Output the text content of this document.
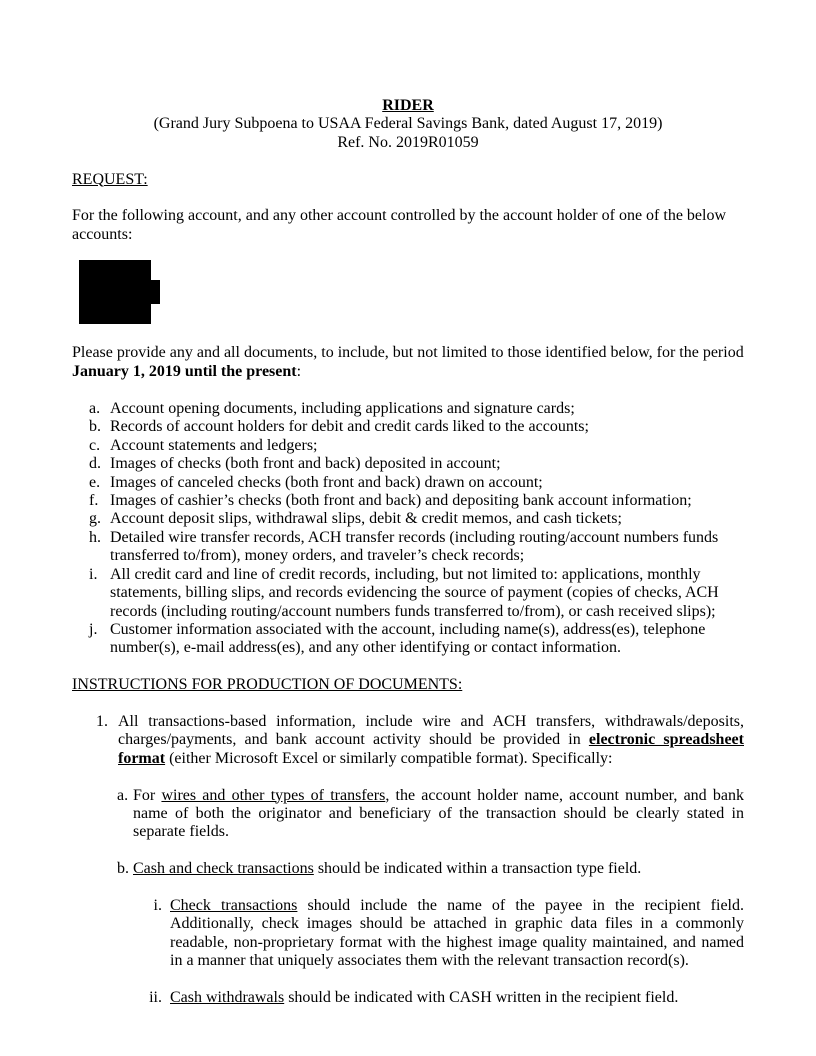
RIDER
(Grand Jury Subpoena to USAA Federal Savings Bank, dated August 17, 2019)
Ref. No. 2019R01059
REQUEST:

For the following account, and any other account controlled by the account holder of one of the below accounts:

Please provide any and all documents, to include, but not limited to those identified below, for the period January 1, 2019 until the present:

a. Account opening documents, including applications and signature cards;
b. Records of account holders for debit and credit cards liked to the accounts;
c. Account statements and ledgers;
d. Images of checks (both front and back) deposited in account;
e. Images of canceled checks (both front and back) drawn on account;
f. Images of cashier’s checks (both front and back) and depositing bank account information;
g. Account deposit slips, withdrawal slips, debit & credit memos, and cash tickets;
h. Detailed wire transfer records, ACH transfer records (including routing/account numbers funds transferred to/from), money orders, and traveler’s check records;
i. All credit card and line of credit records, including, but not limited to: applications, monthly statements, billing slips, and records evidencing the source of payment (copies of checks, ACH records (including routing/account numbers funds transferred to/from), or cash received slips);
j. Customer information associated with the account, including name(s), address(es), telephone number(s), e-mail address(es), and any other identifying or contact information.
INSTRUCTIONS FOR PRODUCTION OF DOCUMENTS:
1. All transactions-based information, include wire and ACH transfers, withdrawals/deposits, charges/payments, and bank account activity should be provided in electronic spreadsheet format (either Microsoft Excel or similarly compatible format). Specifically:
a. For wires and other types of transfers, the account holder name, account number, and bank name of both the originator and beneficiary of the transaction should be clearly stated in separate fields.
b. Cash and check transactions should be indicated within a transaction type field.
i. Check transactions should include the name of the payee in the recipient field. Additionally, check images should be attached in graphic data files in a commonly readable, non-proprietary format with the highest image quality maintained, and named in a manner that uniquely associates them with the relevant transaction record(s).
ii. Cash withdrawals should be indicated with CASH written in the recipient field.
